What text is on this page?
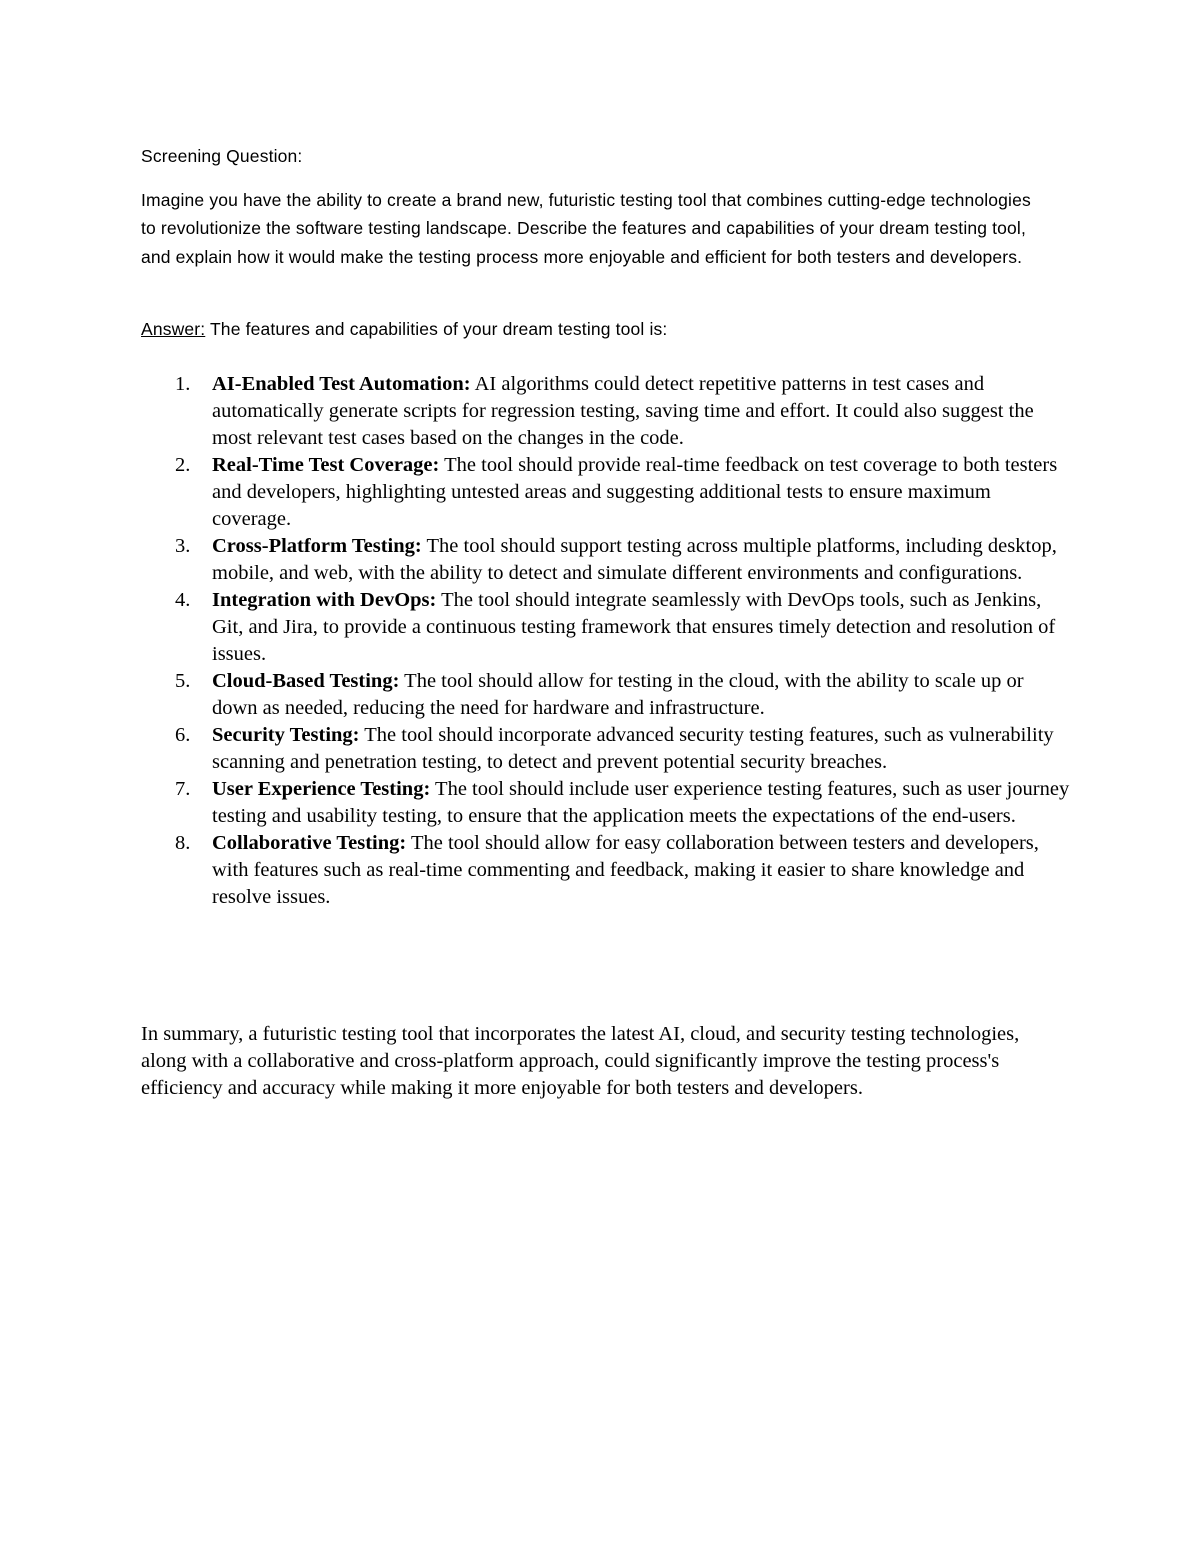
Screening Question:

Imagine you have the ability to create a brand new, futuristic testing tool that combines cutting-edge technologies to revolutionize the software testing landscape. Describe the features and capabilities of your dream testing tool, and explain how it would make the testing process more enjoyable and efficient for both testers and developers.

Answer: The features and capabilities of your dream testing tool is:

1. AI-Enabled Test Automation: AI algorithms could detect repetitive patterns in test cases and automatically generate scripts for regression testing, saving time and effort. It could also suggest the most relevant test cases based on the changes in the code.
2. Real-Time Test Coverage: The tool should provide real-time feedback on test coverage to both testers and developers, highlighting untested areas and suggesting additional tests to ensure maximum coverage.
3. Cross-Platform Testing: The tool should support testing across multiple platforms, including desktop, mobile, and web, with the ability to detect and simulate different environments and configurations.
4. Integration with DevOps: The tool should integrate seamlessly with DevOps tools, such as Jenkins, Git, and Jira, to provide a continuous testing framework that ensures timely detection and resolution of issues.
5. Cloud-Based Testing: The tool should allow for testing in the cloud, with the ability to scale up or down as needed, reducing the need for hardware and infrastructure.
6. Security Testing: The tool should incorporate advanced security testing features, such as vulnerability scanning and penetration testing, to detect and prevent potential security breaches.
7. User Experience Testing: The tool should include user experience testing features, such as user journey testing and usability testing, to ensure that the application meets the expectations of the end-users.
8. Collaborative Testing: The tool should allow for easy collaboration between testers and developers, with features such as real-time commenting and feedback, making it easier to share knowledge and resolve issues.

In summary, a futuristic testing tool that incorporates the latest AI, cloud, and security testing technologies, along with a collaborative and cross-platform approach, could significantly improve the testing process's efficiency and accuracy while making it more enjoyable for both testers and developers.
